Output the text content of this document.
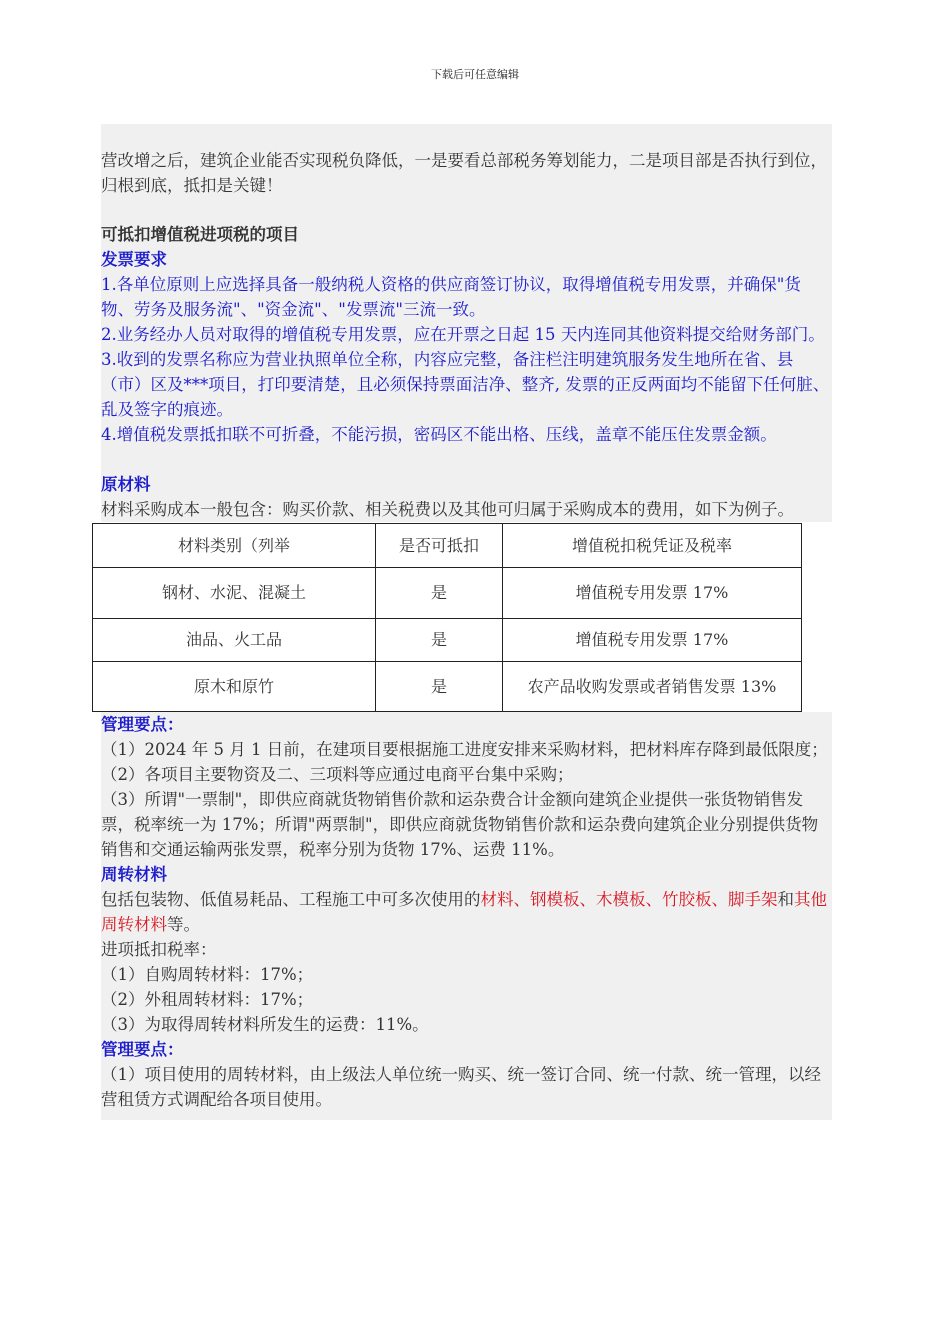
下载后可任意编辑

营改增之后，建筑企业能否实现税负降低，一是要看总部税务筹划能力，二是项目部是否执行到位，归根到底，抵扣是关键！

可抵扣增值税进项税的项目

发票要求

1.各单位原则上应选择具备一般纳税人资格的供应商签订协议，取得增值税专用发票，并确保"货物、劳务及服务流"、"资金流"、"发票流"三流一致。

2.业务经办人员对取得的增值税专用发票，应在开票之日起 15 天内连同其他资料提交给财务部门。

3.收到的发票名称应为营业执照单位全称，内容应完整，备注栏注明建筑服务发生地所在省、县（市）区及***项目，打印要清楚，且必须保持票面洁净、整齐, 发票的正反两面均不能留下任何脏、乱及签字的痕迹。

4.增值税发票抵扣联不可折叠，不能污损，密码区不能出格、压线，盖章不能压住发票金额。

原材料

材料采购成本一般包含：购买价款、相关税费以及其他可归属于采购成本的费用，如下为例子。

材料类别（列举	是否可抵扣	增值税扣税凭证及税率
钢材、水泥、混凝土	是	增值税专用发票 17%
油品、火工品	是	增值税专用发票 17%
原木和原竹	是	农产品收购发票或者销售发票 13%

管理要点：

（1）2024 年 5 月 1 日前，在建项目要根据施工进度安排来采购材料，把材料库存降到最低限度；

（2）各项目主要物资及二、三项料等应通过电商平台集中采购；

（3）所谓"一票制"，即供应商就货物销售价款和运杂费合计金额向建筑企业提供一张货物销售发票，税率统一为 17%；所谓"两票制"，即供应商就货物销售价款和运杂费向建筑企业分别提供货物销售和交通运输两张发票，税率分别为货物 17%、运费 11%。

周转材料

包括包装物、低值易耗品、工程施工中可多次使用的材料、钢模板、木模板、竹胶板、脚手架和其他周转材料等。

进项抵扣税率：

（1）自购周转材料：17%；

（2）外租周转材料：17%；

（3）为取得周转材料所发生的运费：11%。

管理要点：

（1）项目使用的周转材料，由上级法人单位统一购买、统一签订合同、统一付款、统一管理，以经营租赁方式调配给各项目使用。
